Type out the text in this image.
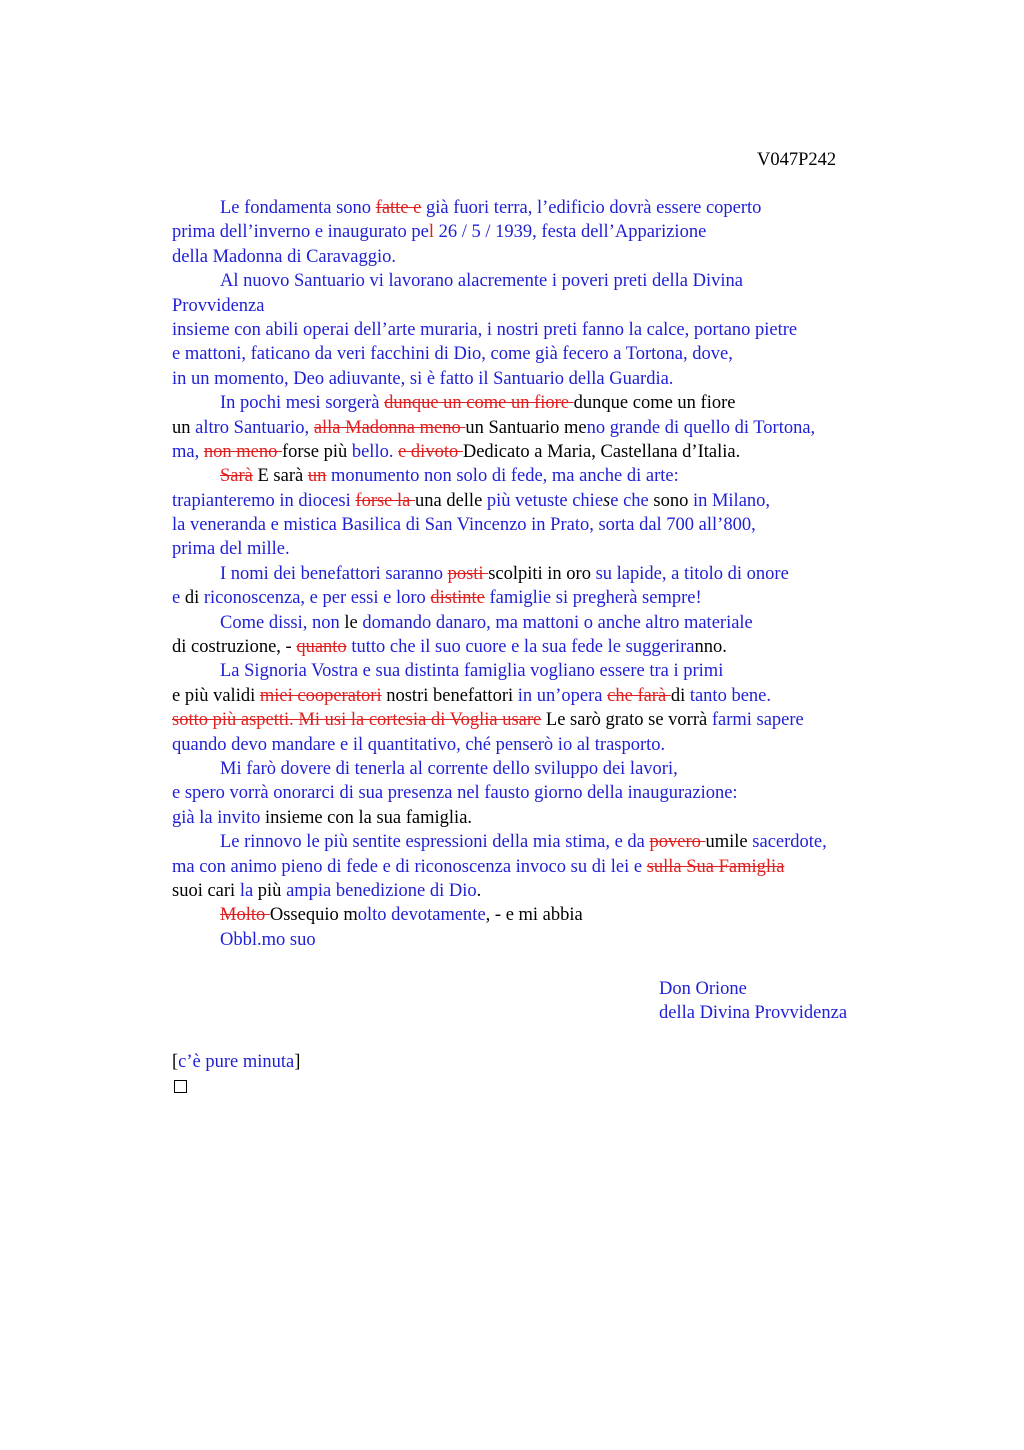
V047P242
Le fondamenta sono fatte e già fuori terra, l’edificio dovrà essere coperto
prima dell’inverno e inaugurato pel 26 / 5 / 1939, festa dell’Apparizione
della Madonna di Caravaggio.
Al nuovo Santuario vi lavorano alacremente i poveri preti della Divina
Provvidenza
insieme con abili operai dell’arte muraria, i nostri preti fanno la calce, portano pietre
e mattoni, faticano da veri facchini di Dio, come già fecero a Tortona, dove,
in un momento, Deo adiuvante, si è fatto il Santuario della Guardia.
In pochi mesi sorgerà dunque un come un fiore dunque come un fiore
un altro Santuario, alla Madonna meno un Santuario meno grande di quello di Tortona,
ma, non meno forse più bello. e divoto Dedicato a Maria, Castellana d’Italia.
Sarà E sarà un monumento non solo di fede, ma anche di arte:
trapianteremo in diocesi forse la una delle più vetuste chiese che sono in Milano,
la veneranda e mistica Basilica di San Vincenzo in Prato, sorta dal 700 all’800,
prima del mille.
I nomi dei benefattori saranno posti scolpiti in oro su lapide, a titolo di onore
e di riconoscenza, e per essi e loro distinte famiglie si pregherà sempre!
Come dissi, non le domando danaro, ma mattoni o anche altro materiale
di costruzione, - quanto tutto che il suo cuore e la sua fede le suggeriranno.
La Signoria Vostra e sua distinta famiglia vogliano essere tra i primi
e più validi miei cooperatori nostri benefattori in un’opera che farà di tanto bene.
sotto più aspetti. Mi usi la cortesia di Voglia usare Le sarò grato se vorrà farmi sapere
quando devo mandare e il quantitativo, ché penserò io al trasporto.
Mi farò dovere di tenerla al corrente dello sviluppo dei lavori,
e spero vorrà onorarci di sua presenza nel fausto giorno della inaugurazione:
già la invito insieme con la sua famiglia.
Le rinnovo le più sentite espressioni della mia stima, e da povero umile sacerdote,
ma con animo pieno di fede e di riconoscenza invoco su di lei e sulla Sua Famiglia
suoi cari la più ampia benedizione di Dio.
Molto Ossequio molto devotamente, - e mi abbia
Obbl.mo suo
Don Orione
della Divina Provvidenza
[c’è pure minuta]
